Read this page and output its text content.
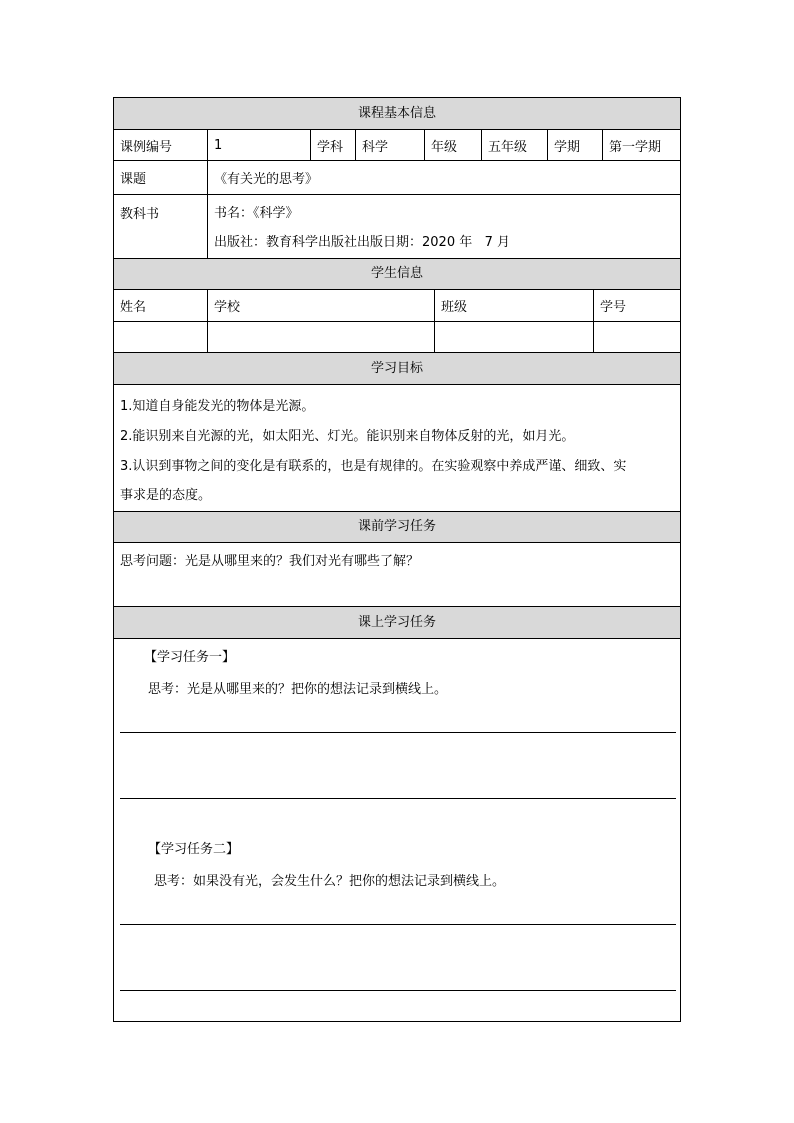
课程基本信息
课例编号	1	学科	科学	年级	五年级	学期	第一学期
课题	《有关光的思考》
教科书	书名：《科学》
出版社：教育科学出版社出版日期：2020 年   7 月
学生信息
姓名	学校	班级	学号
学习目标
1.知道自身能发光的物体是光源。
2.能识别来自光源的光，如太阳光、灯光。能识别来自物体反射的光，如月光。
3.认识到事物之间的变化是有联系的，也是有规律的。在实验观察中养成严谨、细致、实
事求是的态度。
课前学习任务
思考问题：光是从哪里来的？我们对光有哪些了解？
课上学习任务
【学习任务一】
思考：光是从哪里来的？把你的想法记录到横线上。
【学习任务二】
思考：如果没有光，会发生什么？把你的想法记录到横线上。
